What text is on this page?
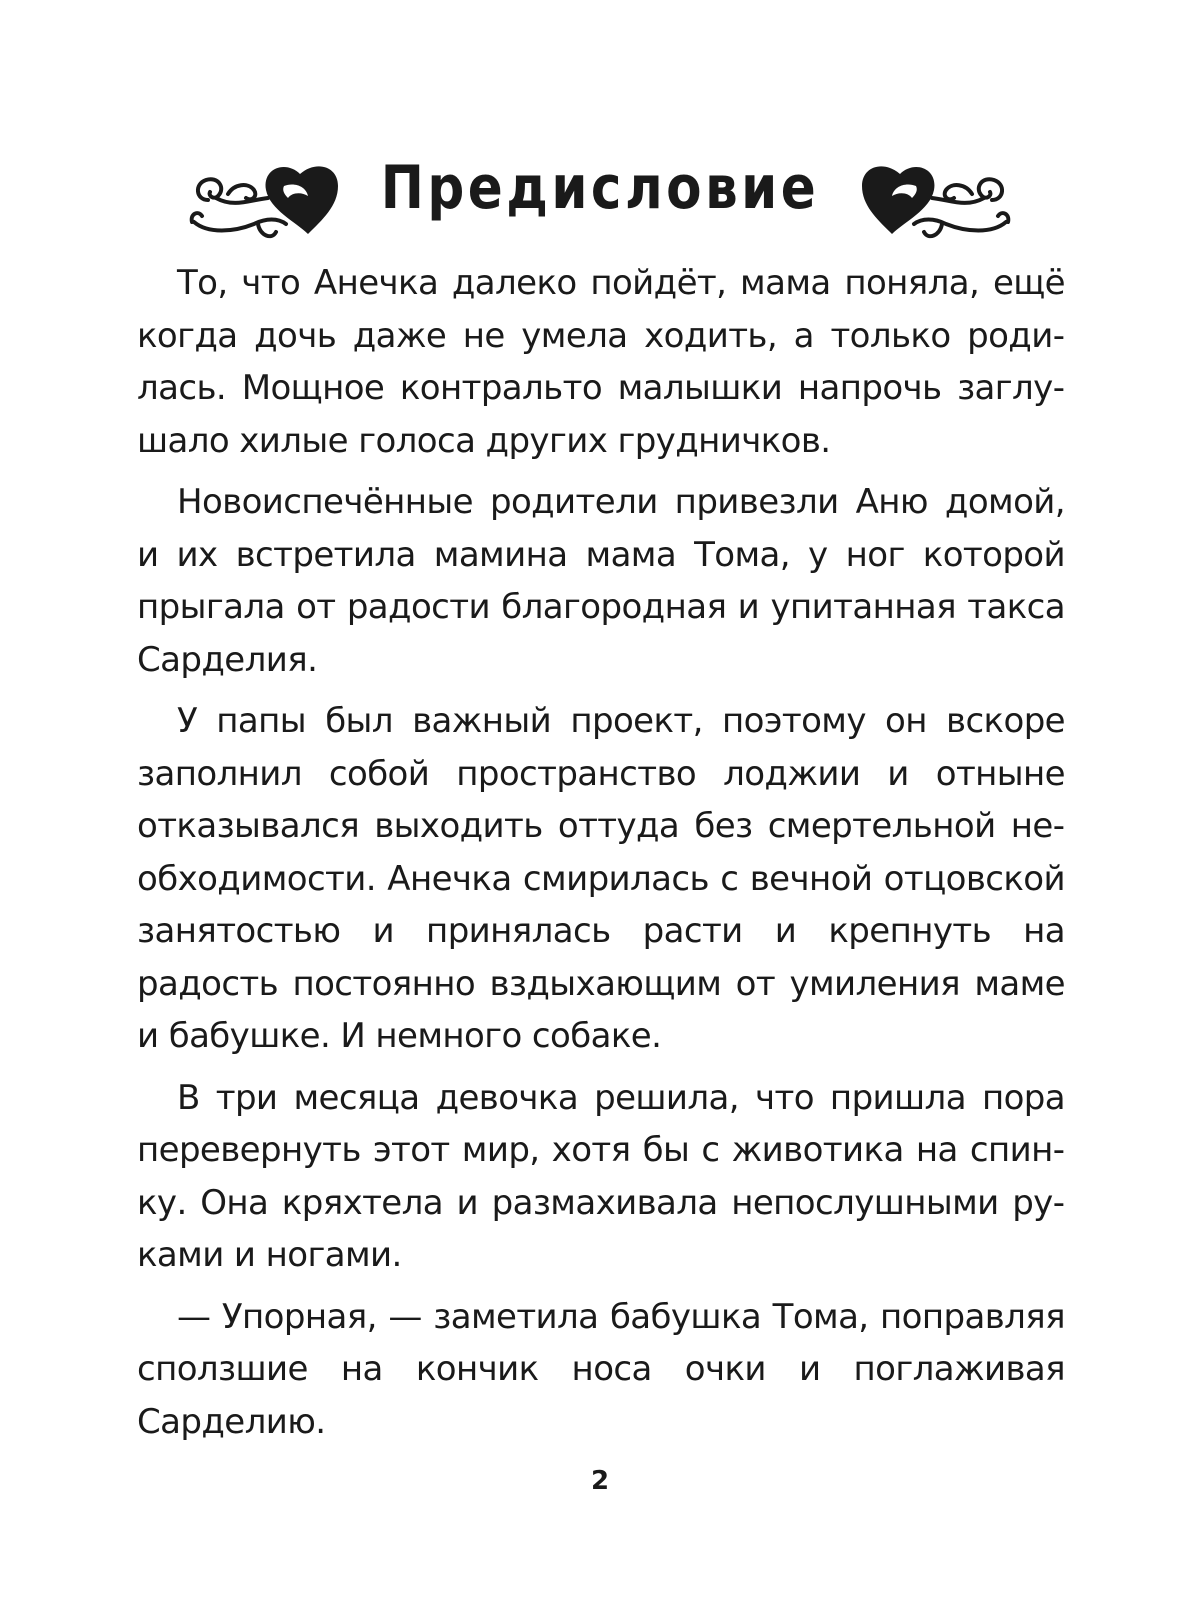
Предисловие

То, что Анечка далеко пойдёт, мама поняла, ещё когда дочь даже не умела ходить, а только родилась. Мощное контральто малышки напрочь заглушало хилые голоса других грудничков.

Новоиспечённые родители привезли Аню домой, и их встретила мамина мама Тома, у ног которой прыгала от радости благородная и упитанная такса Сарделия.

У папы был важный проект, поэтому он вскоре заполнил собой пространство лоджии и отныне отказывался выходить оттуда без смертельной необходимости. Анечка смирилась с вечной отцовской занятостью и принялась расти и крепнуть на радость постоянно вздыхающим от умиления маме и бабушке. И немного собаке.

В три месяца девочка решила, что пришла пора перевернуть этот мир, хотя бы с животика на спинку. Она кряхтела и размахивала непослушными руками и ногами.

— Упорная, — заметила бабушка Тома, поправляя сползшие на кончик носа очки и поглаживая Сарделию.

2
